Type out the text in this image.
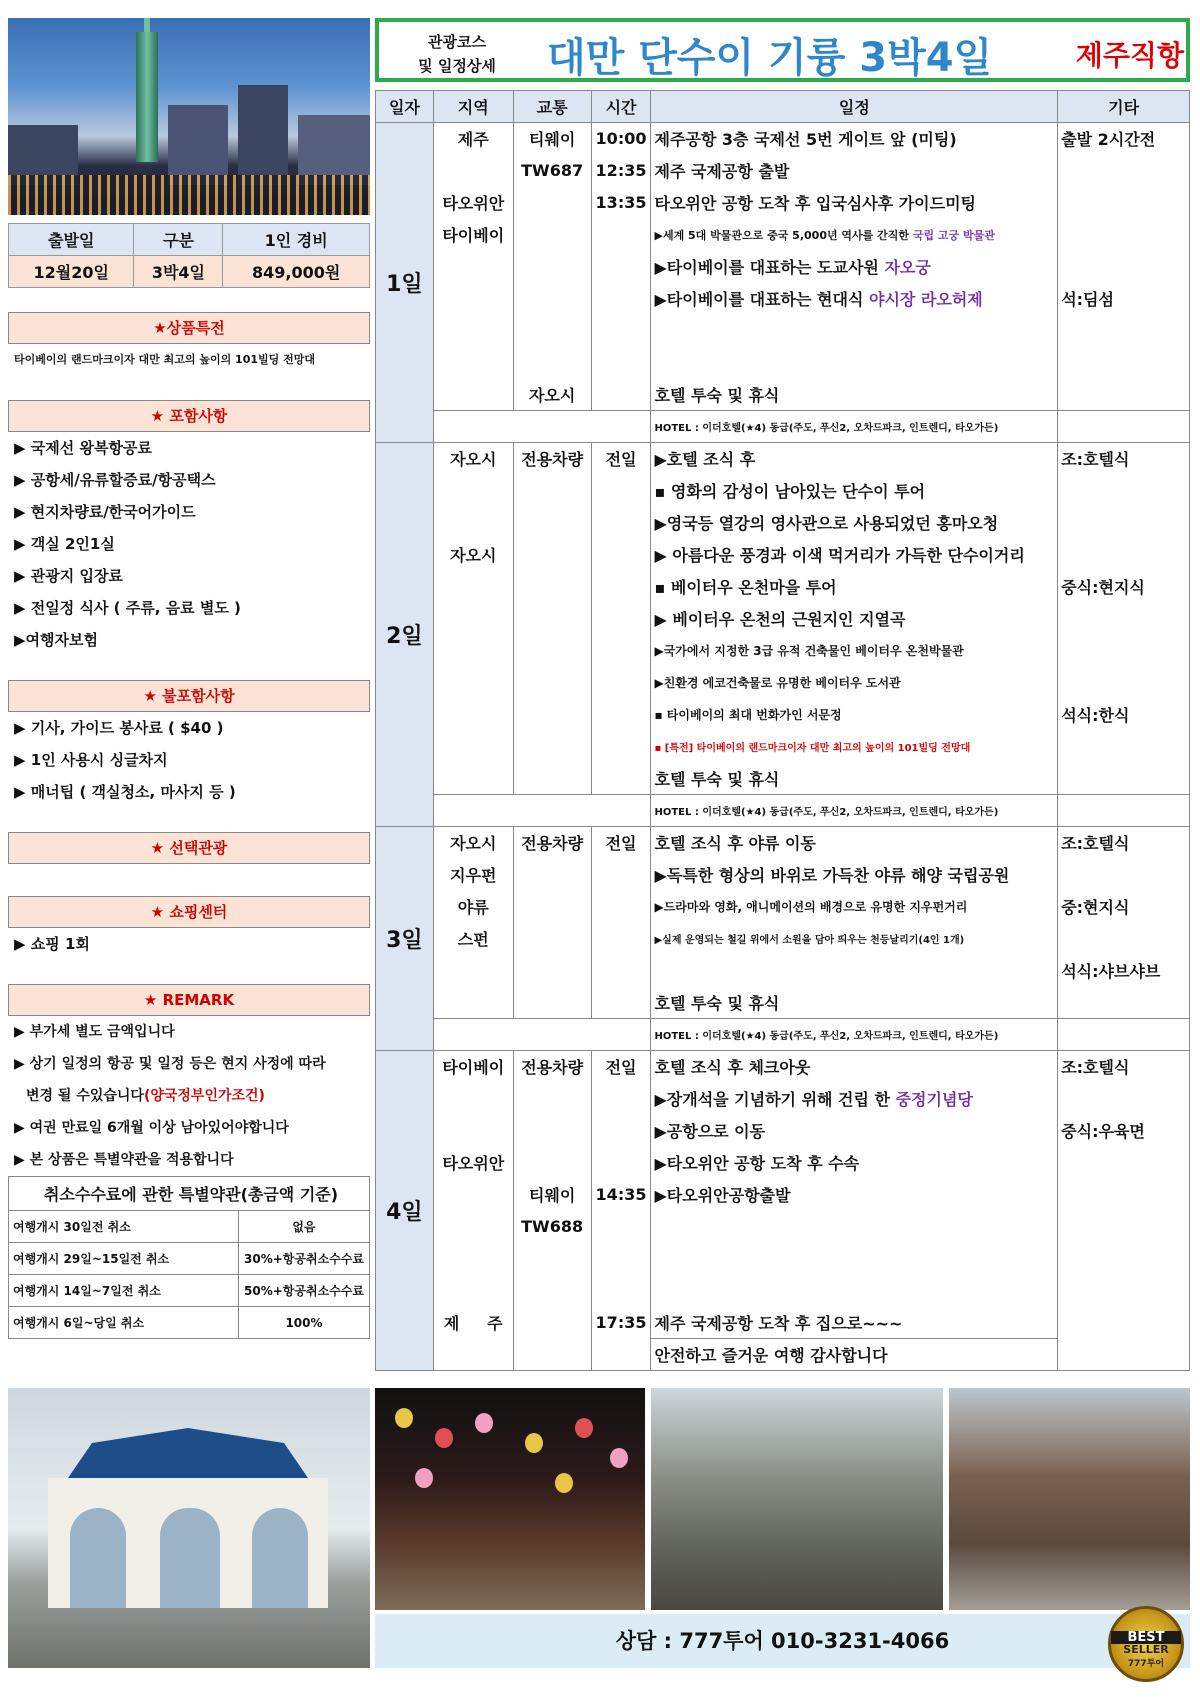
출발일	구분	1인 경비
12월20일	3박4일	849,000원
★상품특전
타이베이의 랜드마크이자 대만 최고의 높이의 101빌딩 전망대
★ 포함사항
▶ 국제선 왕복항공료
▶ 공항세/유류할증료/항공택스
▶ 현지차량료/한국어가이드
▶ 객실 2인1실
▶ 관광지 입장료
▶ 전일정 식사 ( 주류, 음료 별도 )
▶여행자보험
★ 불포함사항
▶ 기사, 가이드 봉사료 ( $40 )
▶ 1인 사용시 싱글차지
▶ 매너팁 ( 객실청소, 마사지 등 )
★ 선택관광
★ 쇼핑센터
▶ 쇼핑 1회
★ REMARK
▶ 부가세 별도 금액입니다
▶ 상기 일정의 항공 및 일정 등은 현지 사정에 따라
변경 될 수있습니다(양국정부인가조건)
▶ 여권 만료일 6개월 이상 남아있어야합니다
▶ 본 상품은 특별약관을 적용합니다
취소수수료에 관한 특별약관(총금액 기준)	
여행개시 30일전 취소	없음
여행개시 29일~15일전 취소	30%+항공취소수수료
여행개시 14일~7일전 취소	50%+항공취소수수료
여행개시 6일~당일 취소	100%
관광코스
및 일정상세	대만 단수이 기륭 3박4일	제주직항
일자	지역	교통	시간	일정	기타
1일	제주	티웨이	10:00	제주공항 3층 국제선 5번 게이트 앞 (미팅)	출발 2시간전
		TW687	12:35	제주 국제공항 출발	
	타오위안		13:35	타오위안 공항 도착 후 입국심사후 가이드미팅	
	타이베이			▶세계 5대 박물관으로 중국 5,000년 역사를 간직한 국립 고궁 박물관	
				▶타이베이를 대표하는 도교사원 자오궁	
				▶타이베이를 대표하는 현대식 야시장 라오허제	석:딤섬

		자오시		호텔 투숙 및 휴식	
				HOTEL : 이더호텔(★4) 동급(주도, 푸신2, 오차드파크, 인트렌디, 타오가든)	
2일	자오시	전용차량	전일	▶호텔 조식 후	조:호텔식
				▪ 영화의 감성이 남아있는 단수이 투어	
				▶영국등 열강의 영사관으로 사용되었던 홍마오청	
	자오시			▶ 아름다운 풍경과 이색 먹거리가 가득한 단수이거리	
				▪ 베이터우 온천마을 투어	중식:현지식
				▶ 베이터우 온천의 근원지인 지열곡	
				▶국가에서 지정한 3급 유적 건축물인 베이터우 온천박물관	
				▶친환경 에코건축물로 유명한 베이터우 도서관	
				▪ 타이베이의 최대 번화가인 서문정	석식:한식
				▪ [특전] 타이베이의 랜드마크이자 대만 최고의 높이의 101빌딩 전망대	
				호텔 투숙 및 휴식	
				HOTEL : 이더호텔(★4) 동급(주도, 푸신2, 오차드파크, 인트렌디, 타오가든)	
3일	자오시	전용차량	전일	호텔 조식 후 야류 이동	조:호텔식
	지우펀			▶독특한 형상의 바위로 가득찬 야류 해양 국립공원	
	야류			▶드라마와 영화, 애니메이션의 배경으로 유명한 지우펀거리	중:현지식
	스펀			▶실제 운영되는 철길 위에서 소원을 담아 띄우는 천등날리기(4인 1개)	
					석식:샤브샤브
				호텔 투숙 및 휴식	
				HOTEL : 이더호텔(★4) 동급(주도, 푸신2, 오차드파크, 인트렌디, 타오가든)	
4일	타이베이	전용차량	전일	호텔 조식 후 체크아웃	조:호텔식
				▶장개석을 기념하기 위해 건립 한 중정기념당	
				▶공항으로 이동	중식:우육면
	타오위안			▶타오위안 공항 도착 후 수속	
		티웨이	14:35	▶타오위안공항출발	
		TW688			

	제     주		17:35	제주 국제공항 도착 후 집으로~~~	
				안전하고 즐거운 여행 감사합니다	
상담 : 777투어 010-3231-4066	BEST
SELLER
777투어
